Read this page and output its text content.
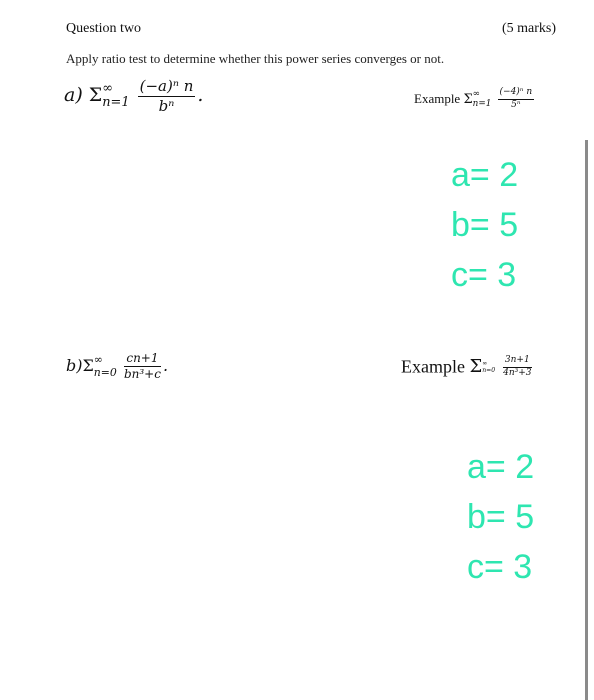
Question two	(5 marks)
Apply ratio test to determine whether this power series converges or not.
a) Σ ∞
n=1
$\frac{\text{(−a)ⁿ n}}{\text{bⁿ}}$ .	Example Σ ∞
n=1
$\frac{\text{(−4)ⁿ n}}{\text{5ⁿ}}$
a= 2
b= 5
c= 3
b)Σ ∞
n=0
$\frac{cn+1}{\text{bn³+c}}$ .	Example Σ ∞
n=0
$\frac{3n+1}{\text{4n³+3}}$
a= 2
b= 5
c= 3
